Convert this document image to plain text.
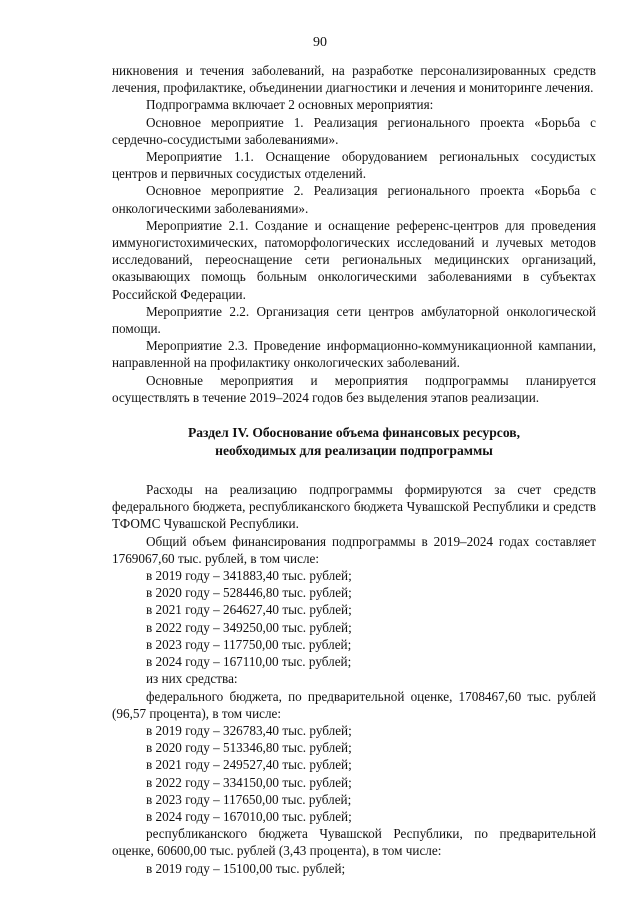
90

никновения и течения заболеваний, на разработке персонализированных средств лечения, профилактике, объединении диагностики и лечения и мониторинге лечения.

Подпрограмма включает 2 основных мероприятия:

Основное мероприятие 1. Реализация регионального проекта «Борьба с сердечно-сосудистыми заболеваниями».

Мероприятие 1.1. Оснащение оборудованием региональных сосудистых центров и первичных сосудистых отделений.

Основное мероприятие 2. Реализация регионального проекта «Борьба с онкологическими заболеваниями».

Мероприятие 2.1. Создание и оснащение референс-центров для проведения иммуногистохимических, патоморфологических исследований и лучевых методов исследований, переоснащение сети региональных медицинских организаций, оказывающих помощь больным онкологическими заболеваниями в субъектах Российской Федерации.

Мероприятие 2.2. Организация сети центров амбулаторной онкологической помощи.

Мероприятие 2.3. Проведение информационно-коммуникационной кампании, направленной на профилактику онкологических заболеваний.

Основные мероприятия и мероприятия подпрограммы планируется осуществлять в течение 2019–2024 годов без выделения этапов реализации.

Раздел IV. Обоснование объема финансовых ресурсов,
необходимых для реализации подпрограммы

Расходы на реализацию подпрограммы формируются за счет средств федерального бюджета, республиканского бюджета Чувашской Республики и средств ТФОМС Чувашской Республики.

Общий объем финансирования подпрограммы в 2019–2024 годах составляет 1769067,60 тыс. рублей, в том числе:

в 2019 году – 341883,40 тыс. рублей;

в 2020 году – 528446,80 тыс. рублей;

в 2021 году – 264627,40 тыс. рублей;

в 2022 году – 349250,00 тыс. рублей;

в 2023 году – 117750,00 тыс. рублей;

в 2024 году – 167110,00 тыс. рублей;

из них средства:

федерального бюджета, по предварительной оценке, 1708467,60 тыс. рублей (96,57 процента), в том числе:

в 2019 году – 326783,40 тыс. рублей;

в 2020 году – 513346,80 тыс. рублей;

в 2021 году – 249527,40 тыс. рублей;

в 2022 году – 334150,00 тыс. рублей;

в 2023 году – 117650,00 тыс. рублей;

в 2024 году – 167010,00 тыс. рублей;

республиканского бюджета Чувашской Республики, по предварительной оценке, 60600,00 тыс. рублей (3,43 процента), в том числе:

в 2019 году – 15100,00 тыс. рублей;
